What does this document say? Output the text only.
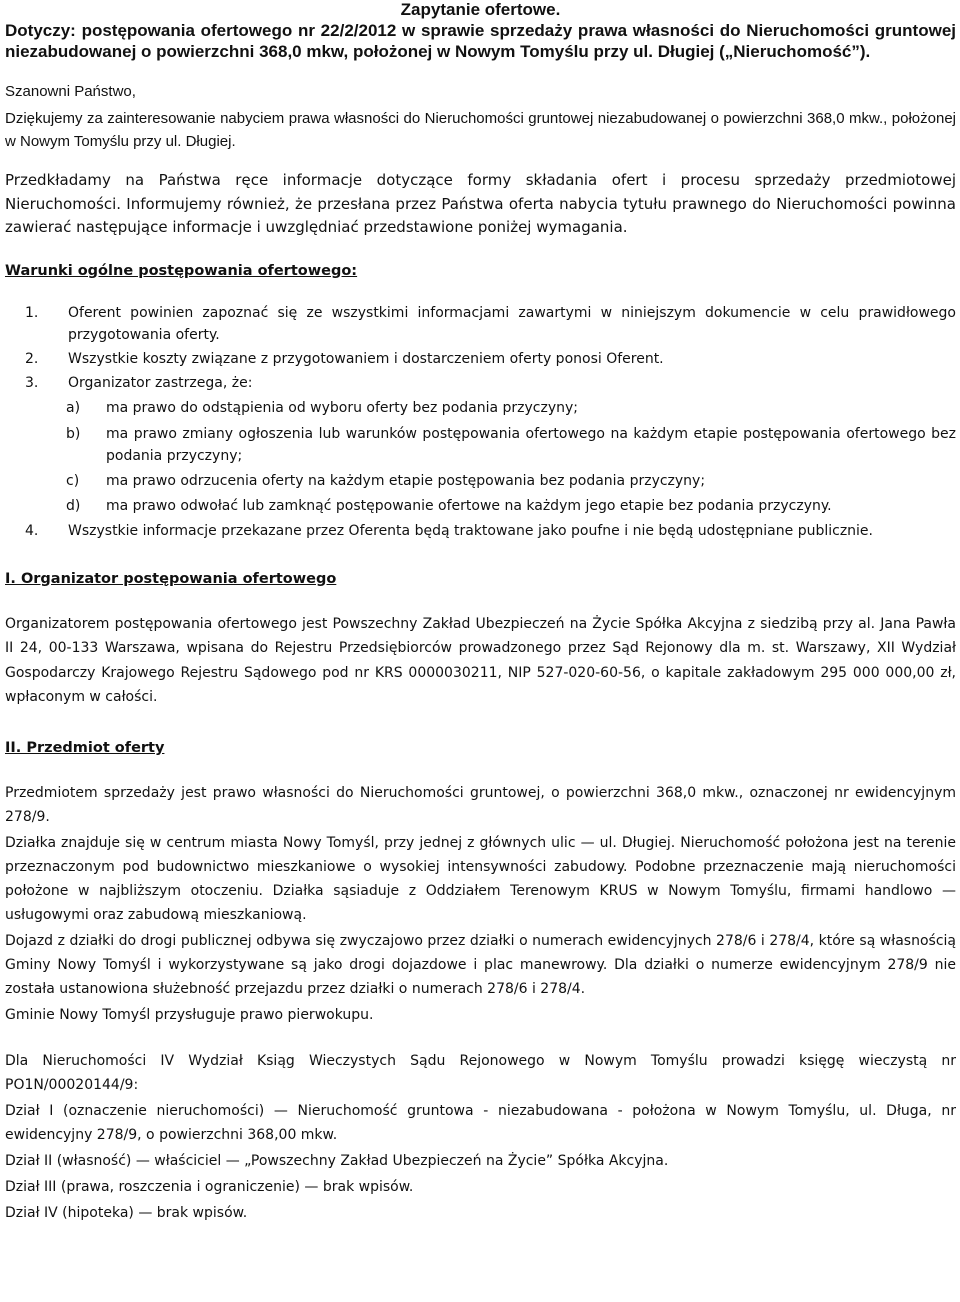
Zapytanie ofertowe.

Dotyczy: postępowania ofertowego nr 22/2/2012 w sprawie sprzedaży prawa własności do Nieruchomości gruntowej niezabudowanej o powierzchni 368,0 mkw, położonej w Nowym Tomyślu przy ul. Długiej („Nieruchomość”).

Szanowni Państwo,

Dziękujemy za zainteresowanie nabyciem prawa własności do Nieruchomości gruntowej niezabudowanej o powierzchni 368,0 mkw., położonej w Nowym Tomyślu przy ul. Długiej.

Przedkładamy na Państwa ręce informacje dotyczące formy składania ofert i procesu sprzedaży przedmiotowej Nieruchomości. Informujemy również, że przesłana przez Państwa oferta nabycia tytułu prawnego do Nieruchomości powinna zawierać następujące informacje i uwzględniać przedstawione poniżej wymagania.

Warunki ogólne postępowania ofertowego:
1. Oferent powinien zapoznać się ze wszystkimi informacjami zawartymi w niniejszym dokumencie w celu prawidłowego przygotowania oferty.
2. Wszystkie koszty związane z przygotowaniem i dostarczeniem oferty ponosi Oferent.
3. Organizator zastrzega, że:
a) ma prawo do odstąpienia od wyboru oferty bez podania przyczyny;
b) ma prawo zmiany ogłoszenia lub warunków postępowania ofertowego na każdym etapie postępowania ofertowego bez podania przyczyny;
c) ma prawo odrzucenia oferty na każdym etapie postępowania bez podania przyczyny;
d) ma prawo odwołać lub zamknąć postępowanie ofertowe na każdym jego etapie bez podania przyczyny.
4. Wszystkie informacje przekazane przez Oferenta będą traktowane jako poufne i nie będą udostępniane publicznie.
I. Organizator postępowania ofertowego

Organizatorem postępowania ofertowego jest Powszechny Zakład Ubezpieczeń na Życie Spółka Akcyjna z siedzibą przy al. Jana Pawła II 24, 00-133 Warszawa, wpisana do Rejestru Przedsiębiorców prowadzonego przez Sąd Rejonowy dla m. st. Warszawy, XII Wydział Gospodarczy Krajowego Rejestru Sądowego pod nr KRS 0000030211, NIP 527-020-60-56, o kapitale zakładowym 295 000 000,00 zł, wpłaconym w całości.

II. Przedmiot oferty

Przedmiotem sprzedaży jest prawo własności do Nieruchomości gruntowej, o powierzchni 368,0 mkw., oznaczonej nr ewidencyjnym 278/9.

Działka znajduje się w centrum miasta Nowy Tomyśl, przy jednej z głównych ulic — ul. Długiej. Nieruchomość położona jest na terenie przeznaczonym pod budownictwo mieszkaniowe o wysokiej intensywności zabudowy. Podobne przeznaczenie mają nieruchomości położone w najbliższym otoczeniu. Działka sąsiaduje z Oddziałem Terenowym KRUS w Nowym Tomyślu, firmami handlowo — usługowymi oraz zabudową mieszkaniową.

Dojazd z działki do drogi publicznej odbywa się zwyczajowo przez działki o numerach ewidencyjnych 278/6 i 278/4, które są własnością Gminy Nowy Tomyśl i wykorzystywane są jako drogi dojazdowe i plac manewrowy. Dla działki o numerze ewidencyjnym 278/9 nie została ustanowiona służebność przejazdu przez działki o numerach 278/6 i 278/4.

Gminie Nowy Tomyśl przysługuje prawo pierwokupu.

Dla Nieruchomości IV Wydział Ksiąg Wieczystych Sądu Rejonowego w Nowym Tomyślu prowadzi księgę wieczystą nr PO1N/00020144/9:

Dział I (oznaczenie nieruchomości) — Nieruchomość gruntowa - niezabudowana - położona w Nowym Tomyślu, ul. Długa, nr ewidencyjny 278/9, o powierzchni 368,00 mkw.

Dział II (własność) — właściciel — „Powszechny Zakład Ubezpieczeń na Życie” Spółka Akcyjna.

Dział III (prawa, roszczenia i ograniczenie) — brak wpisów.

Dział IV (hipoteka) — brak wpisów.
